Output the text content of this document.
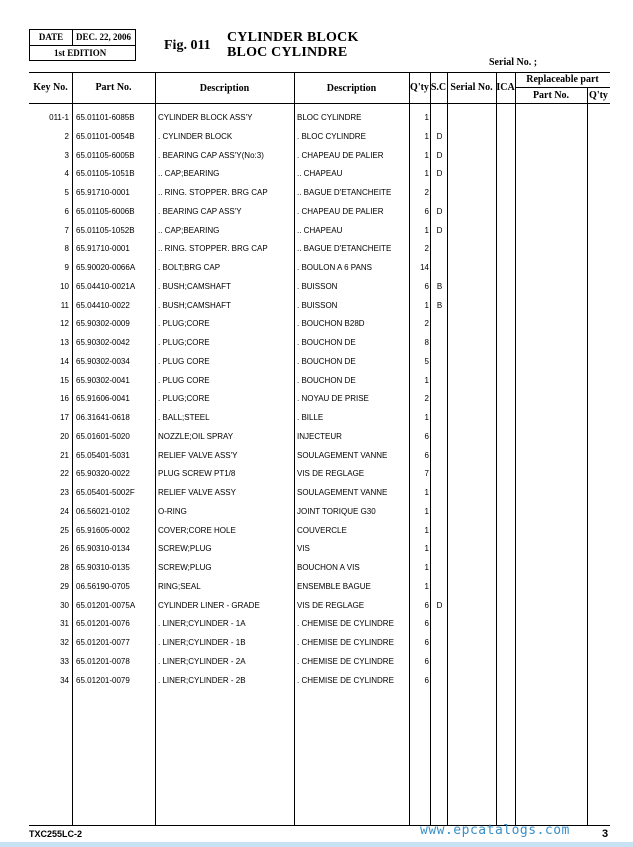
DATE	DEC. 22, 2006
1st EDITION	Fig. 011
CYLINDER BLOCK
BLOC CYLINDRE
Serial No. ;
Key No.	Part No.	Description	Description	Q'ty S.C Serial No. ICA
Replaceable part
Part No.	Q'ty
011-1 65.01101-6085B	CYLINDER BLOCK ASS'Y	BLOC CYLINDRE	1
2 65.01101-0054B	. CYLINDER BLOCK	. BLOC CYLINDRE	1 D
3 65.01105-6005B	. BEARING CAP ASS'Y(No:3)	. CHAPEAU DE PALIER	1 D
4 65.01105-1051B	.. CAP;BEARING	.. CHAPEAU	1 D
5 65.91710-0001	.. RING. STOPPER. BRG CAP	.. BAGUE D'ETANCHEITE	2
6 65.01105-6006B	. BEARING CAP ASS'Y	. CHAPEAU DE PALIER	6 D
7 65.01105-1052B	.. CAP;BEARING	.. CHAPEAU	1 D
8 65.91710-0001	.. RING. STOPPER. BRG CAP	.. BAGUE D'ETANCHEITE	2
9 65.90020-0066A	. BOLT;BRG CAP	. BOULON A 6 PANS	14
10 65.04410-0021A	. BUSH;CAMSHAFT	. BUISSON	6 B
11 65.04410-0022	. BUSH;CAMSHAFT	. BUISSON	1 B
12 65.90302-0009	. PLUG;CORE	. BOUCHON B28D	2
13 65.90302-0042	. PLUG;CORE	. BOUCHON DE	8
14 65.90302-0034	. PLUG CORE	. BOUCHON DE	5
15 65.90302-0041	. PLUG CORE	. BOUCHON DE	1
16 65.91606-0041	. PLUG;CORE	. NOYAU DE PRISE	2
17 06.31641-0618	. BALL;STEEL	. BILLE	1
20 65.01601-5020	NOZZLE;OIL SPRAY	INJECTEUR	6
21 65.05401-5031	RELIEF VALVE ASS'Y	SOULAGEMENT VANNE	6
22 65.90320-0022	PLUG SCREW PT1/8	VIS DE REGLAGE	7
23 65.05401-5002F	RELIEF VALVE ASSY	SOULAGEMENT VANNE	1
24 06.56021-0102	O-RING	JOINT TORIQUE G30	1
25 65.91605-0002	COVER;CORE HOLE	COUVERCLE	1
26 65.90310-0134	SCREW;PLUG	VIS	1
28 65.90310-0135	SCREW;PLUG	BOUCHON A VIS	1
29 06.56190-0705	RING;SEAL	ENSEMBLE BAGUE	1
30 65.01201-0075A	CYLINDER LINER - GRADE	VIS DE REGLAGE	6 D
31 65.01201-0076	. LINER;CYLINDER - 1A	. CHEMISE DE CYLINDRE	6
32 65.01201-0077	. LINER;CYLINDER - 1B	. CHEMISE DE CYLINDRE	6
33 65.01201-0078	. LINER;CYLINDER - 2A	. CHEMISE DE CYLINDRE	6
34 65.01201-0079	. LINER;CYLINDER - 2B	. CHEMISE DE CYLINDRE	6
TXC255LC-2	www.epcatalogs.com	3
